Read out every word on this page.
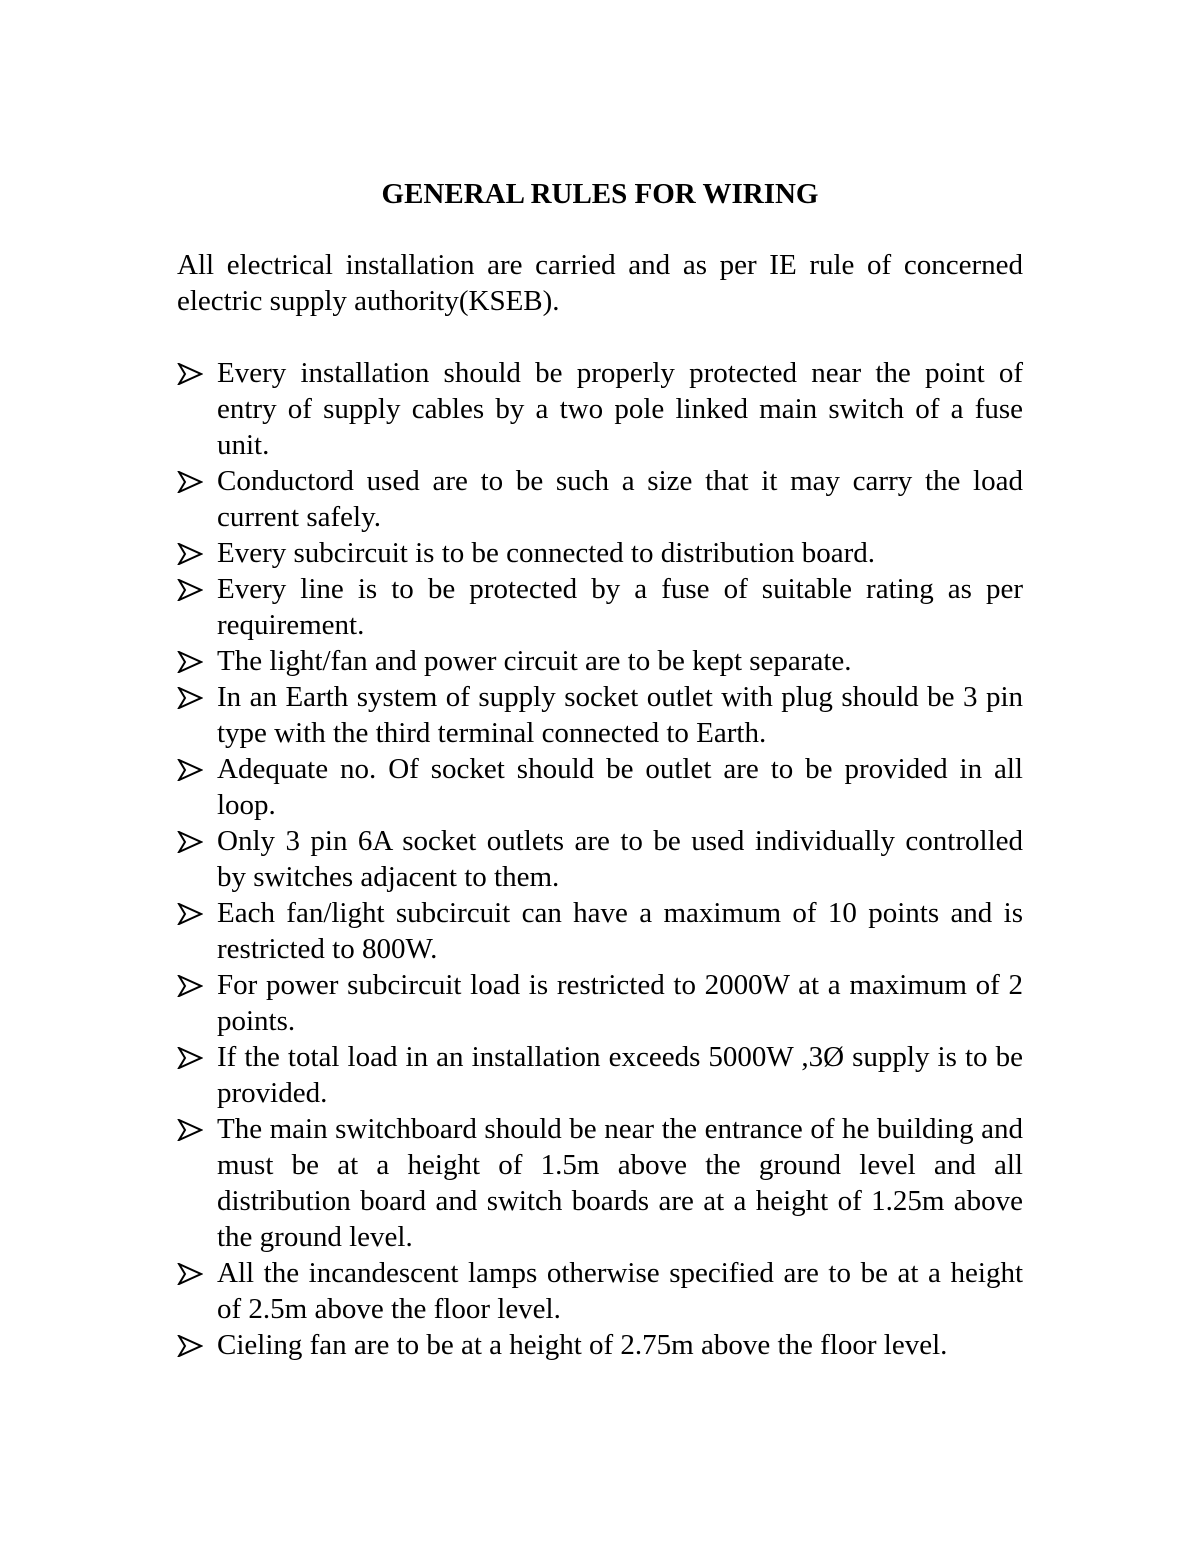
GENERAL RULES FOR WIRING

All electrical installation are carried and as per IE rule of concerned electric supply authority(KSEB).

Every installation should be properly protected near the point of entry of supply cables by a two pole linked main switch of a fuse unit.
Conductord used are to be such a size that it may carry the load current safely.
Every subcircuit is to be connected to distribution board.
Every line is to be protected by a fuse of suitable rating as per requirement.
The light/fan and power circuit are to be kept separate.
In an Earth system of supply socket outlet with plug should be 3 pin type with the third terminal connected to Earth.
Adequate no. Of socket should be outlet are to be provided in all loop.
Only 3 pin 6A socket outlets are to be used individually controlled by switches adjacent to them.
Each fan/light subcircuit can have a maximum of 10 points and is restricted to 800W.
For power subcircuit load is restricted to 2000W at a maximum of 2 points.
If the total load in an installation exceeds 5000W ,3Ø supply is to be provided.
The main switchboard should be near the entrance of he building and must be at a height of 1.5m above the ground level and all distribution board and switch boards are at a height of 1.25m above the ground level.
All the incandescent lamps otherwise specified are to be at a height of 2.5m above the floor level.
Cieling fan are to be at a height of 2.75m above the floor level.
